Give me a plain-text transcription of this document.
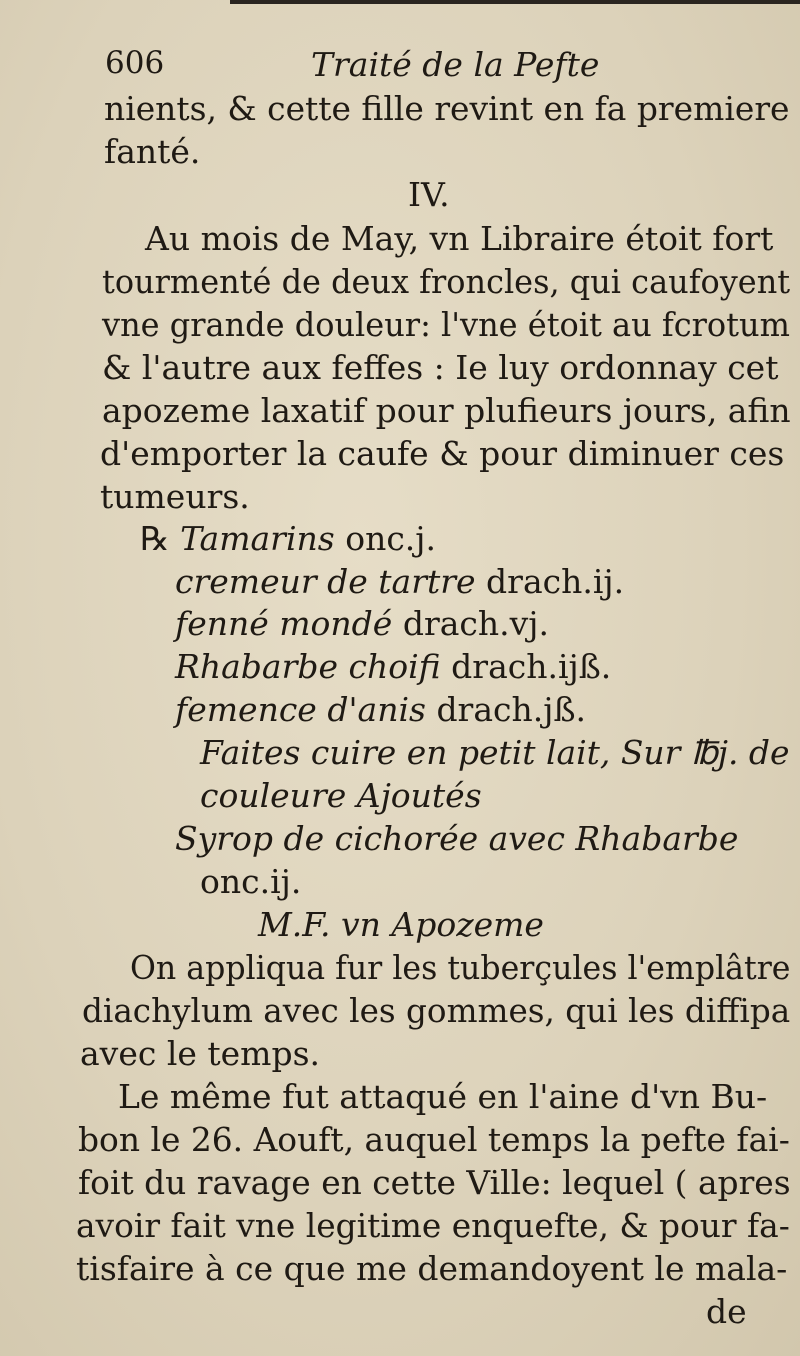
606	Traité de la Pefte
nients, & cette fille revint en fa premiere
fanté.
IV.
Au mois de May, vn Libraire étoit fort
tourmenté de deux froncles, qui caufoyent
vne grande douleur: l'vne étoit au fcrotum
& l'autre aux feffes : Ie luy ordonnay cet
apozeme laxatif pour plufieurs jours, afin
d'emporter la caufe & pour diminuer ces
tumeurs.
℞ Tamarins onc.j.
cremeur de tartre drach.ij.
fenné mondé drach.vj.
Rhabarbe choifi drach.ijß.
femence d'anis drach.jß.
Faites cuire en petit lait, Sur ℔j. de
couleure Ajoutés
Syrop de cichorée avec Rhabarbe
onc.ij.
M.F. vn Apozeme
On appliqua fur les tuberçules l'emplâtre
diachylum avec les gommes, qui les diffipa
avec le temps.
Le même fut attaqué en l'aine d'vn Bu-
bon le 26. Aouft, auquel temps la pefte fai-
foit du ravage en cette Ville: lequel ( apres
avoir fait vne legitime enquefte, & pour fa-
tisfaire à ce que me demandoyent le mala-
de
